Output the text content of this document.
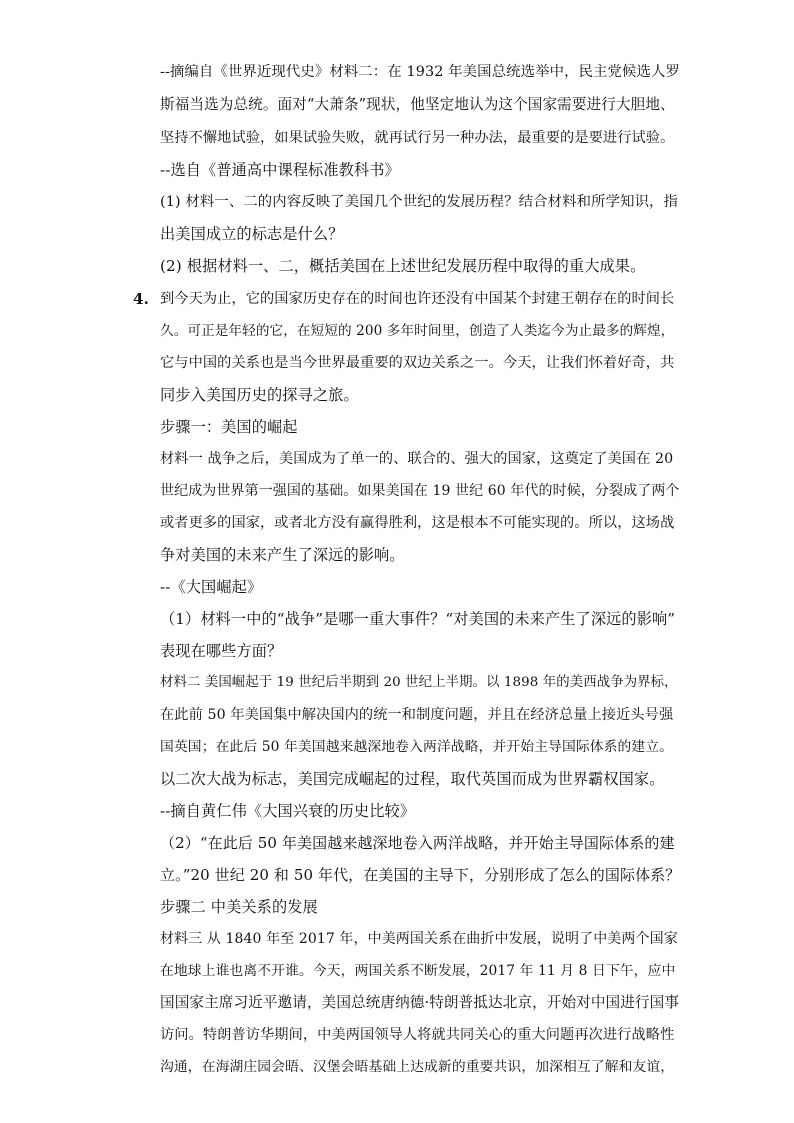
--摘编自《世界近现代史》材料二：在 1932 年美国总统选举中，民主党候选人罗
斯福当选为总统。面对“大萧条”现状，他坚定地认为这个国家需要进行大胆地、
坚持不懈地试验，如果试验失败，就再试行另一种办法，最重要的是要进行试验。
--选自《普通高中课程标准教科书》
(1) 材料一、二的内容反映了美国几个世纪的发展历程？结合材料和所学知识，指
出美国成立的标志是什么？
(2) 根据材料一、二，概括美国在上述世纪发展历程中取得的重大成果。
4. 到今天为止，它的国家历史存在的时间也许还没有中国某个封建王朝存在的时间长
久。可正是年轻的它，在短短的 200 多年时间里，创造了人类迄今为止最多的辉煌，
它与中国的关系也是当今世界最重要的双边关系之一。今天，让我们怀着好奇，共
同步入美国历史的探寻之旅。
步骤一：美国的崛起
材料一 战争之后，美国成为了单一的、联合的、强大的国家，这奠定了美国在 20
世纪成为世界第一强国的基础。如果美国在 19 世纪 60 年代的时候，分裂成了两个
或者更多的国家，或者北方没有赢得胜利，这是根本不可能实现的。所以，这场战
争对美国的未来产生了深远的影响。
--《大国崛起》
（1）材料一中的“战争”是哪一重大事件？“对美国的未来产生了深远的影响”
表现在哪些方面？
材料二 美国崛起于 19 世纪后半期到 20 世纪上半期。以 1898 年的美西战争为界标，
在此前 50 年美国集中解决国内的统一和制度问题，并且在经济总量上接近头号强
国英国；在此后 50 年美国越来越深地卷入两洋战略，并开始主导国际体系的建立。
以二次大战为标志，美国完成崛起的过程，取代英国而成为世界霸权国家。
--摘自黄仁伟《大国兴衰的历史比较》
（2）“在此后 50 年美国越来越深地卷入两洋战略，并开始主导国际体系的建
立。”20 世纪 20 和 50 年代，在美国的主导下，分别形成了怎么的国际体系？
步骤二 中美关系的发展
材料三 从 1840 年至 2017 年，中美两国关系在曲折中发展，说明了中美两个国家
在地球上谁也离不开谁。今天，两国关系不断发展，2017 年 11 月 8 日下午，应中
国国家主席习近平邀请，美国总统唐纳德·特朗普抵达北京，开始对中国进行国事
访问。特朗普访华期间，中美两国领导人将就共同关心的重大问题再次进行战略性
沟通，在海湖庄园会晤、汉堡会晤基础上达成新的重要共识，加深相互了解和友谊，
